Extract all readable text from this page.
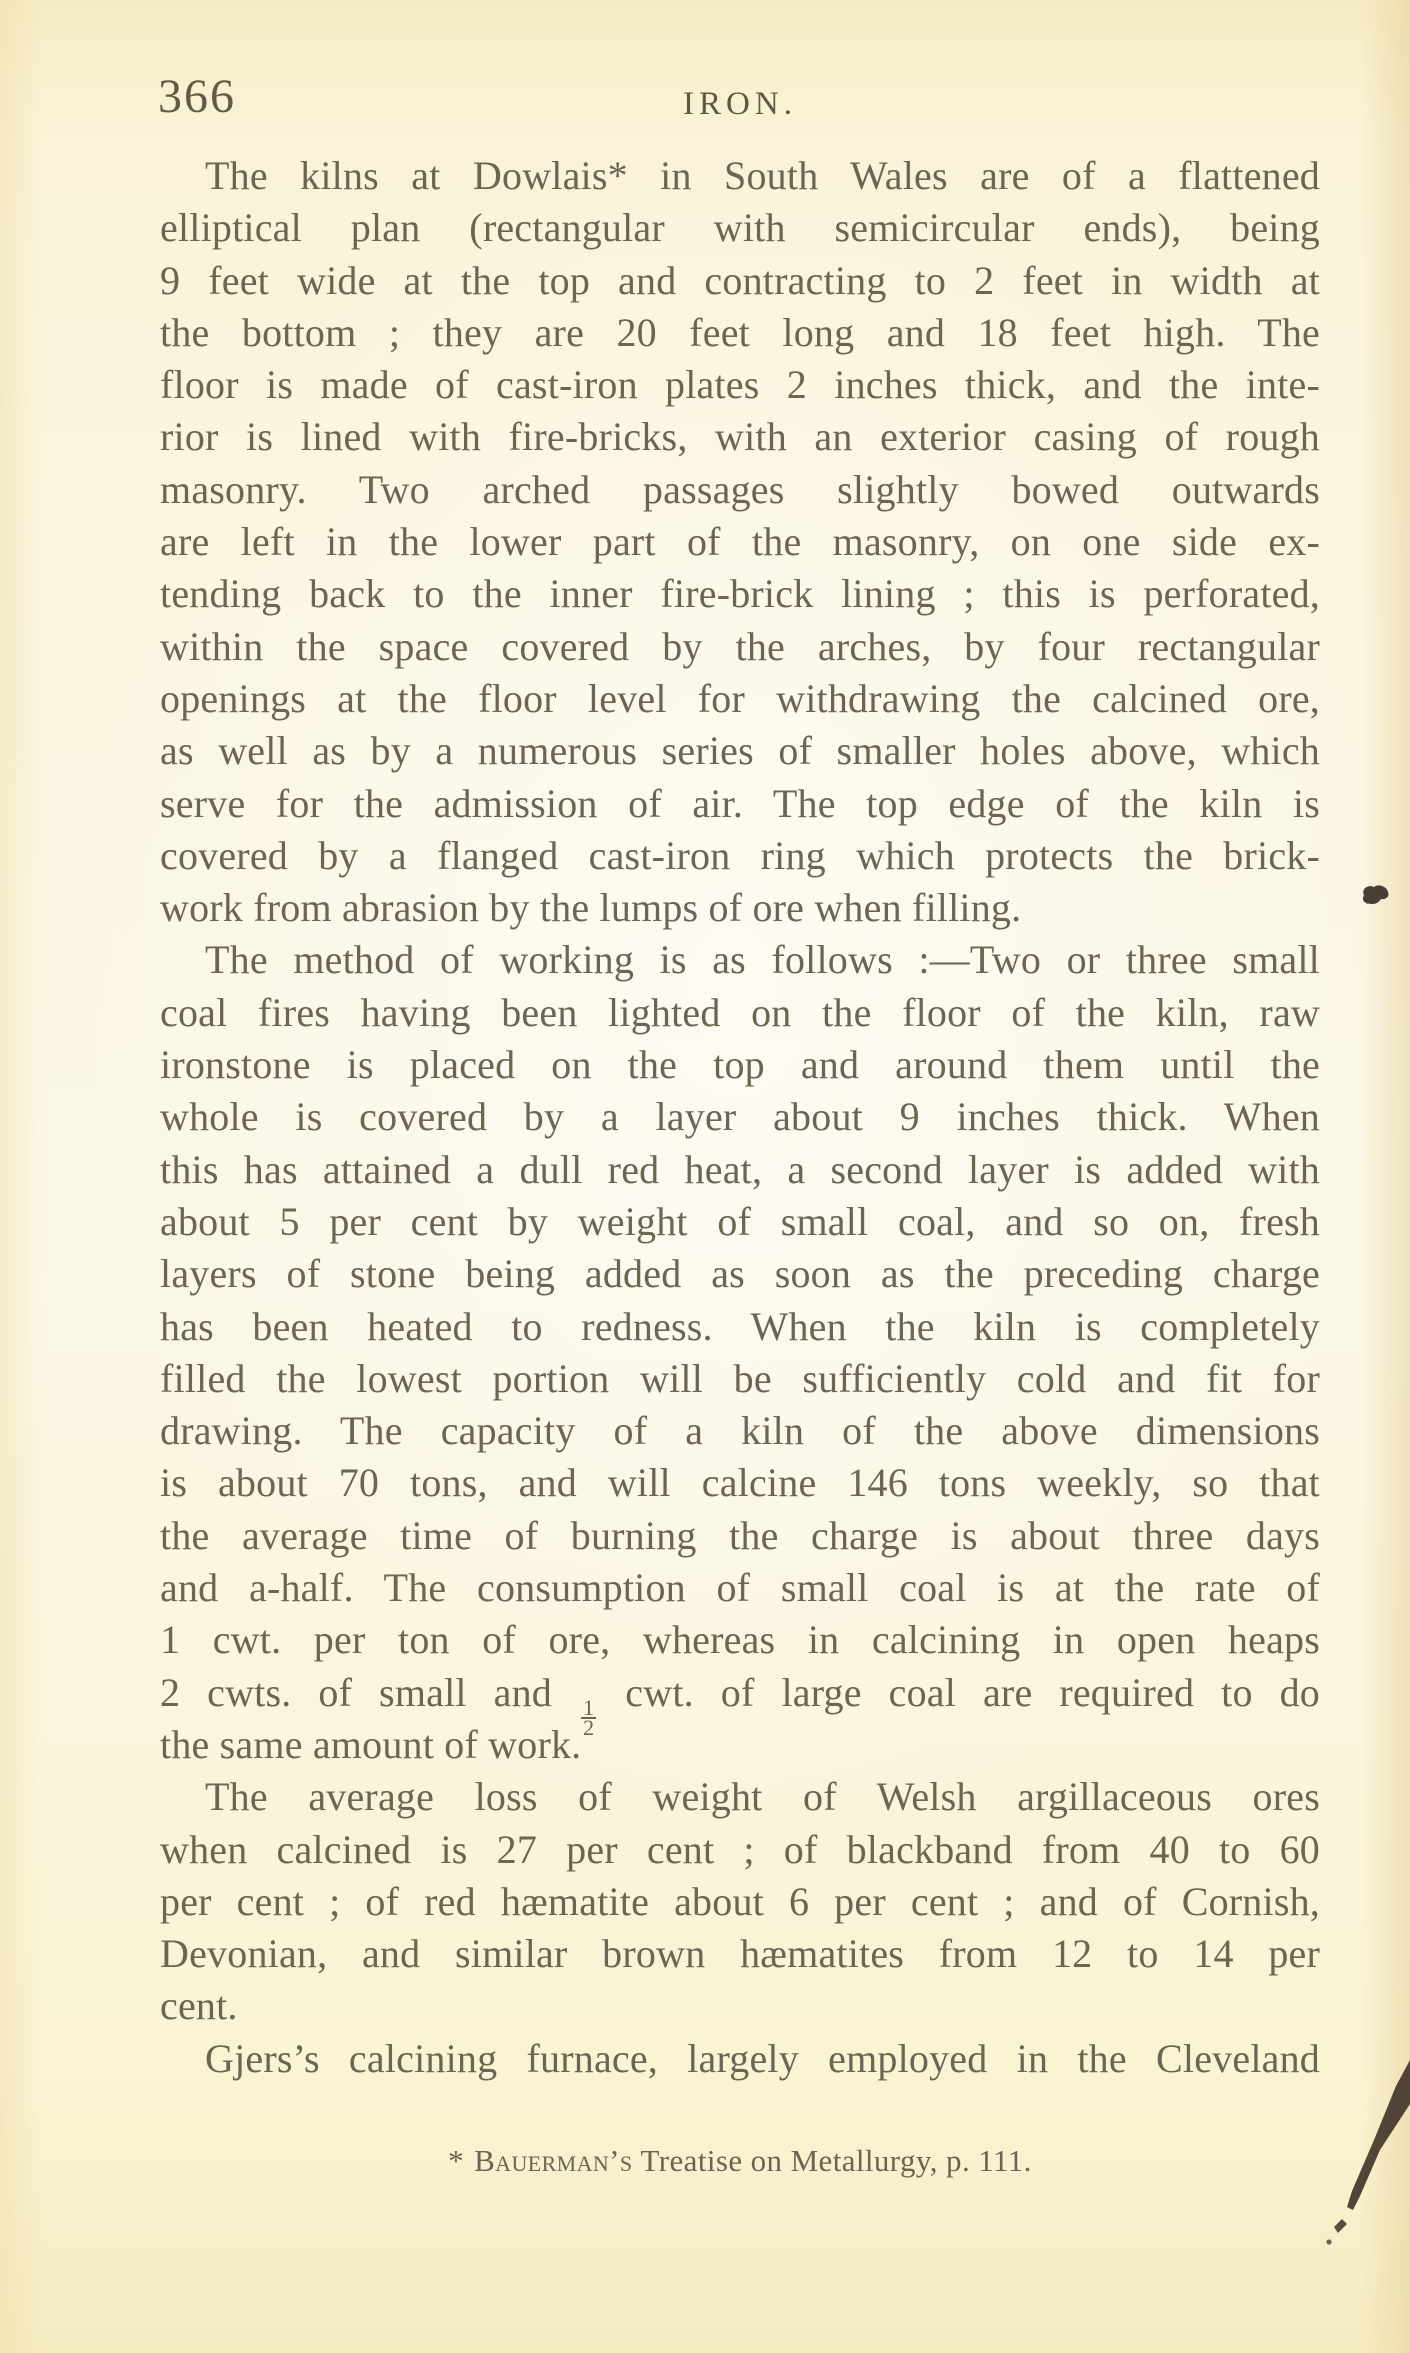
366	IRON.
The kilns at Dowlais* in South Wales are of a flattened
elliptical plan (rectangular with semicircular ends), being
9 feet wide at the top and contracting to 2 feet in width at
the bottom ; they are 20 feet long and 18 feet high. The
floor is made of cast-iron plates 2 inches thick, and the inte-
rior is lined with fire-bricks, with an exterior casing of rough
masonry. Two arched passages slightly bowed outwards
are left in the lower part of the masonry, on one side ex-
tending back to the inner fire-brick lining ; this is perforated,
within the space covered by the arches, by four rectangular
openings at the floor level for withdrawing the calcined ore,
as well as by a numerous series of smaller holes above, which
serve for the admission of air. The top edge of the kiln is
covered by a flanged cast-iron ring which protects the brick-
work from abrasion by the lumps of ore when filling.
The method of working is as follows :—Two or three small
coal fires having been lighted on the floor of the kiln, raw
ironstone is placed on the top and around them until the
whole is covered by a layer about 9 inches thick. When
this has attained a dull red heat, a second layer is added with
about 5 per cent by weight of small coal, and so on, fresh
layers of stone being added as soon as the preceding charge
has been heated to redness. When the kiln is completely
filled the lowest portion will be sufficiently cold and fit for
drawing. The capacity of a kiln of the above dimensions
is about 70 tons, and will calcine 146 tons weekly, so that
the average time of burning the charge is about three days
and a-half. The consumption of small coal is at the rate of
1 cwt. per ton of ore, whereas in calcining in open heaps
2 cwts. of small and
$\frac{1}{2}$
cwt. of large coal are required to do
the same amount of work.
The average loss of weight of Welsh argillaceous ores
when calcined is 27 per cent ; of blackband from 40 to 60
per cent ; of red hæmatite about 6 per cent ; and of Cornish,
Devonian, and similar brown hæmatites from 12 to 14 per
cent.
Gjers’s calcining furnace, largely employed in the Cleveland
* Bauerman’s Treatise on Metallurgy, p. 111.
